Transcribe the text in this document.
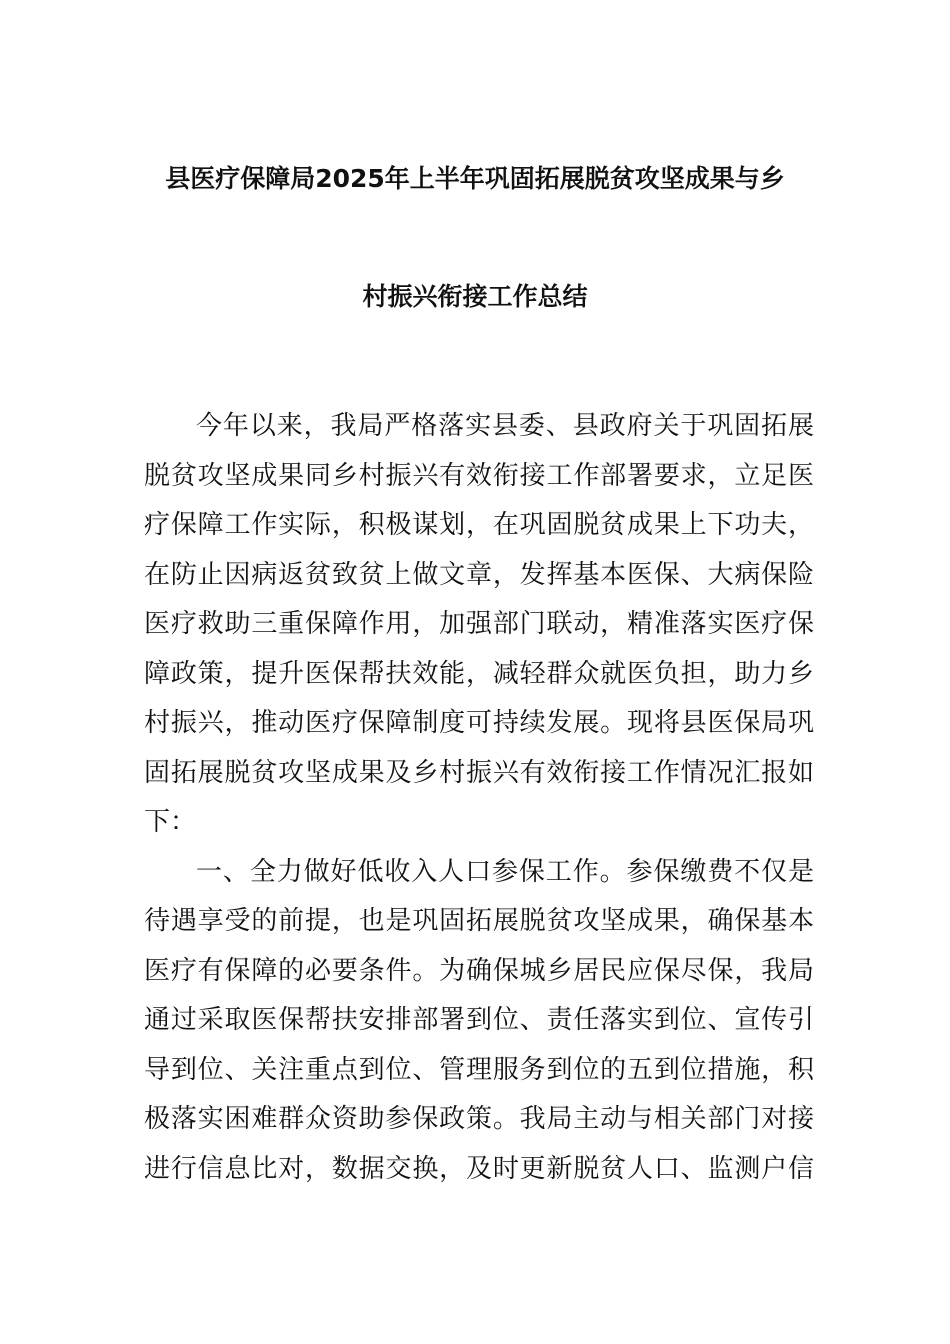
县医疗保障局2025年上半年巩固拓展脱贫攻坚成果与乡
村振兴衔接工作总结
今年以来，我局严格落实县委、县政府关于巩固拓展
脱贫攻坚成果同乡村振兴有效衔接工作部署要求，立足医
疗保障工作实际，积极谋划，在巩固脱贫成果上下功夫，
在防止因病返贫致贫上做文章，发挥基本医保、大病保险
医疗救助三重保障作用，加强部门联动，精准落实医疗保
障政策，提升医保帮扶效能，减轻群众就医负担，助力乡
村振兴，推动医疗保障制度可持续发展。现将县医保局巩
固拓展脱贫攻坚成果及乡村振兴有效衔接工作情况汇报如
下：
一、全力做好低收入人口参保工作。参保缴费不仅是
待遇享受的前提，也是巩固拓展脱贫攻坚成果，确保基本
医疗有保障的必要条件。为确保城乡居民应保尽保，我局
通过采取医保帮扶安排部署到位、责任落实到位、宣传引
导到位、关注重点到位、管理服务到位的五到位措施，积
极落实困难群众资助参保政策。我局主动与相关部门对接
进行信息比对，数据交换，及时更新脱贫人口、监测户信
